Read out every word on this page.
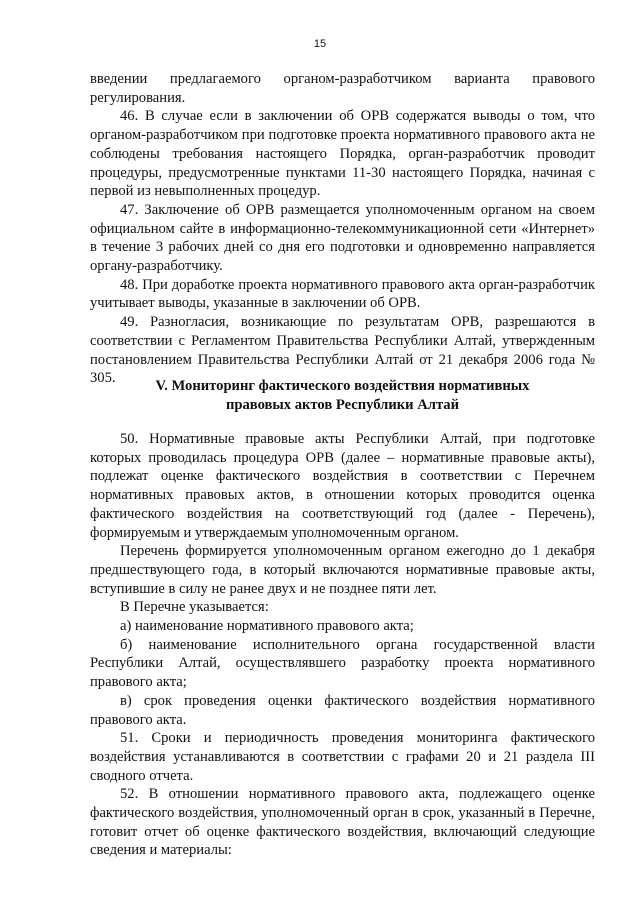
15

введении предлагаемого органом-разработчиком варианта правового регулирования.

46. В случае если в заключении об ОРВ содержатся выводы о том, что органом-разработчиком при подготовке проекта нормативного правового акта не соблюдены требования настоящего Порядка, орган-разработчик проводит процедуры, предусмотренные пунктами 11-30 настоящего Порядка, начиная с первой из невыполненных процедур.

47. Заключение об ОРВ размещается уполномоченным органом на своем официальном сайте в информационно-телекоммуникационной сети «Интернет» в течение 3 рабочих дней со дня его подготовки и одновременно направляется органу-разработчику.

48. При доработке проекта нормативного правового акта орган-разработчик учитывает выводы, указанные в заключении об ОРВ.

49. Разногласия, возникающие по результатам ОРВ, разрешаются в соответствии с Регламентом Правительства Республики Алтай, утвержденным постановлением Правительства Республики Алтай от 21 декабря 2006 года № 305.	V. Мониторинг фактического воздействия нормативных
правовых актов Республики Алтай

50. Нормативные правовые акты Республики Алтай, при подготовке которых проводилась процедура ОРВ (далее – нормативные правовые акты), подлежат оценке фактического воздействия в соответствии с Перечнем нормативных правовых актов, в отношении которых проводится оценка фактического воздействия на соответствующий год (далее - Перечень), формируемым и утверждаемым уполномоченным органом.

Перечень формируется уполномоченным органом ежегодно до 1 декабря предшествующего года, в который включаются нормативные правовые акты, вступившие в силу не ранее двух и не позднее пяти лет.

В Перечне указывается:

а) наименование нормативного правового акта;

б) наименование исполнительного органа государственной власти Республики Алтай, осуществлявшего разработку проекта нормативного правового акта;

в) срок проведения оценки фактического воздействия нормативного правового акта.

51. Сроки и периодичность проведения мониторинга фактического воздействия устанавливаются в соответствии с графами 20 и 21 раздела III сводного отчета.

52. В отношении нормативного правового акта, подлежащего оценке фактического воздействия, уполномоченный орган в срок, указанный в Перечне, готовит отчет об оценке фактического воздействия, включающий следующие сведения и материалы:
